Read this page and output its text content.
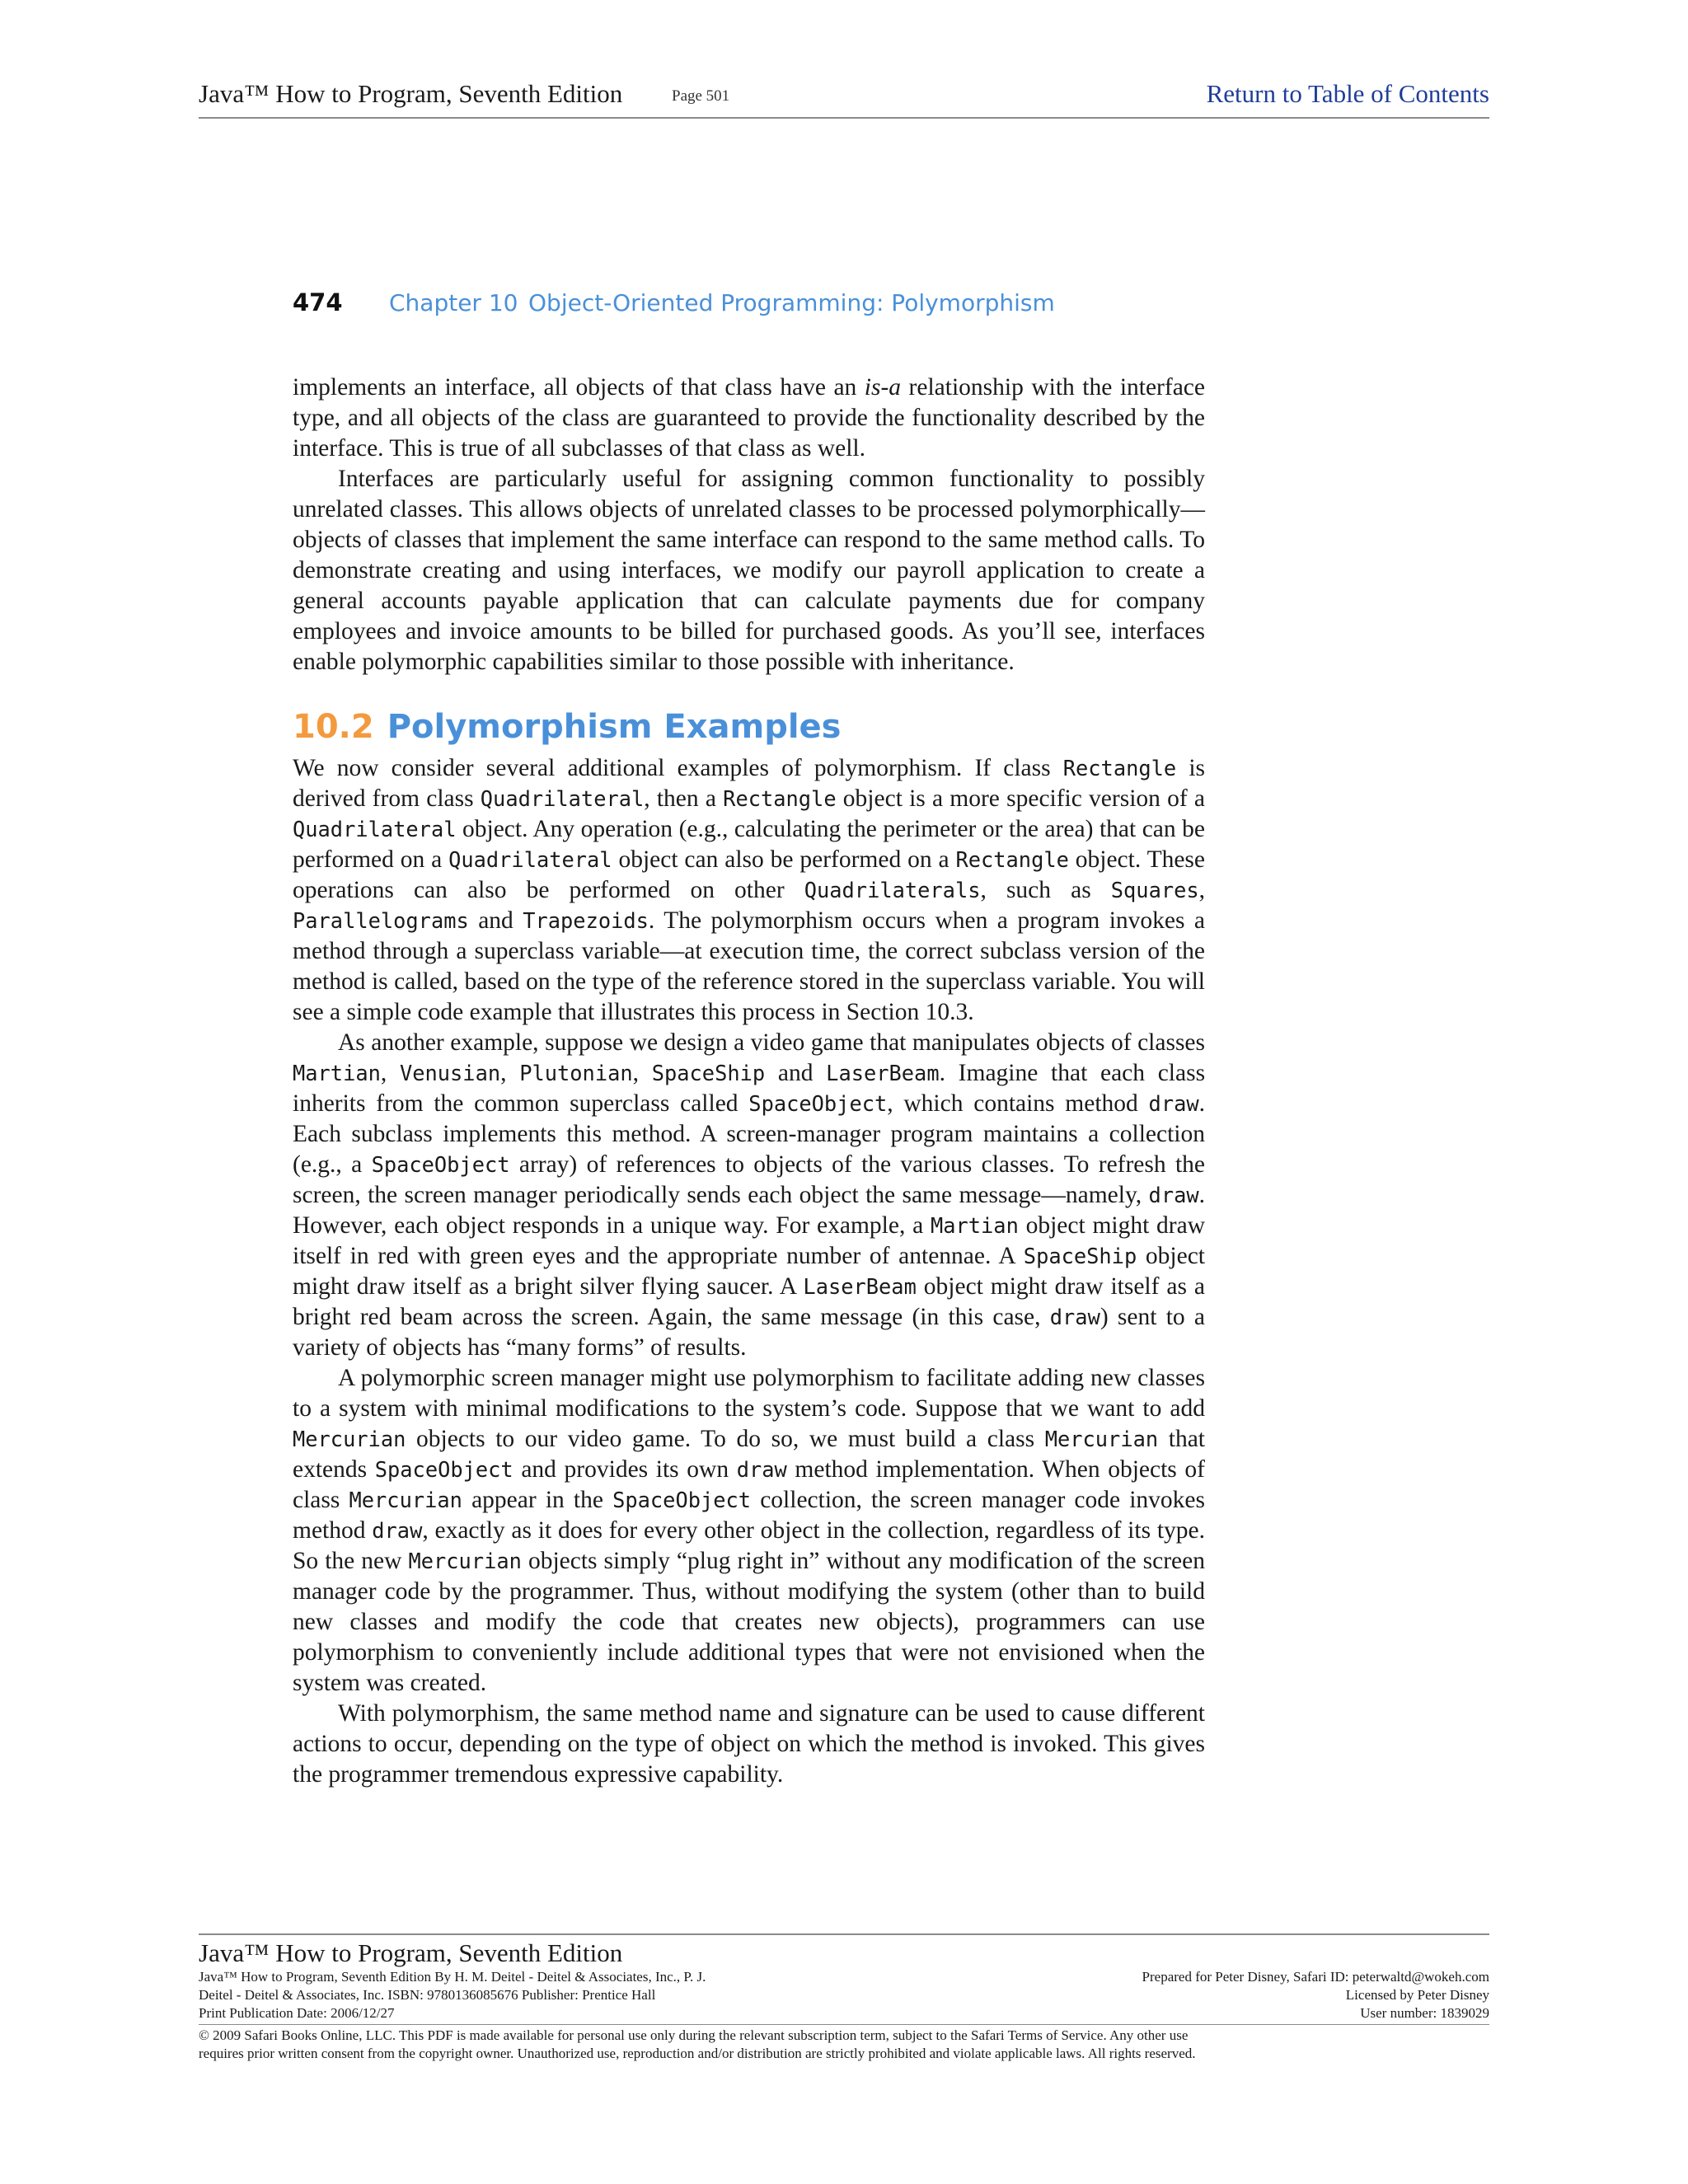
Java™ How to Program, Seventh Edition	Page 501	Return to Table of Contents
474 Chapter 10 Object-Oriented Programming: Polymorphism

implements an interface, all objects of that class have an is-a relationship with the interface type, and all objects of the class are guaranteed to provide the functionality described by the interface. This is true of all subclasses of that class as well.

Interfaces are particularly useful for assigning common functionality to possibly unrelated classes. This allows objects of unrelated classes to be processed polymorphically—objects of classes that implement the same interface can respond to the same method calls. To demonstrate creating and using interfaces, we modify our payroll application to create a general accounts payable application that can calculate payments due for company employees and invoice amounts to be billed for purchased goods. As you’ll see, interfaces enable polymorphic capabilities similar to those possible with inheritance.

10.2 Polymorphism Examples

We now consider several additional examples of polymorphism. If class Rectangle is derived from class Quadrilateral, then a Rectangle object is a more specific version of a Quadrilateral object. Any operation (e.g., calculating the perimeter or the area) that can be performed on a Quadrilateral object can also be performed on a Rectangle object. These operations can also be performed on other Quadrilaterals, such as Squares, Parallelograms and Trapezoids. The polymorphism occurs when a program invokes a method through a superclass variable—at execution time, the correct subclass version of the method is called, based on the type of the reference stored in the superclass variable. You will see a simple code example that illustrates this process in Section 10.3.

As another example, suppose we design a video game that manipulates objects of classes Martian, Venusian, Plutonian, SpaceShip and LaserBeam. Imagine that each class inherits from the common superclass called SpaceObject, which contains method draw. Each subclass implements this method. A screen-manager program maintains a collection (e.g., a SpaceObject array) of references to objects of the various classes. To refresh the screen, the screen manager periodically sends each object the same message—namely, draw. However, each object responds in a unique way. For example, a Martian object might draw itself in red with green eyes and the appropriate number of antennae. A SpaceShip object might draw itself as a bright silver flying saucer. A LaserBeam object might draw itself as a bright red beam across the screen. Again, the same message (in this case, draw) sent to a variety of objects has “many forms” of results.

A polymorphic screen manager might use polymorphism to facilitate adding new classes to a system with minimal modifications to the system’s code. Suppose that we want to add Mercurian objects to our video game. To do so, we must build a class Mercurian that extends SpaceObject and provides its own draw method implementation. When objects of class Mercurian appear in the SpaceObject collection, the screen manager code invokes method draw, exactly as it does for every other object in the collection, regardless of its type. So the new Mercurian objects simply “plug right in” without any modification of the screen manager code by the programmer. Thus, without modifying the system (other than to build new classes and modify the code that creates new objects), programmers can use polymorphism to conveniently include additional types that were not envisioned when the system was created.

With polymorphism, the same method name and signature can be used to cause different actions to occur, depending on the type of object on which the method is invoked. This gives the programmer tremendous expressive capability.

Java™ How to Program, Seventh Edition
Java™ How to Program, Seventh Edition By H. M. Deitel - Deitel & Associates, Inc., P. J.
Deitel - Deitel & Associates, Inc. ISBN: 9780136085676 Publisher: Prentice Hall
Print Publication Date: 2006/12/27
Prepared for Peter Disney, Safari ID: peterwaltd@wokeh.com
Licensed by Peter Disney
User number: 1839029
© 2009 Safari Books Online, LLC. This PDF is made available for personal use only during the relevant subscription term, subject to the Safari Terms of Service. Any other use
requires prior written consent from the copyright owner. Unauthorized use, reproduction and/or distribution are strictly prohibited and violate applicable laws. All rights reserved.
